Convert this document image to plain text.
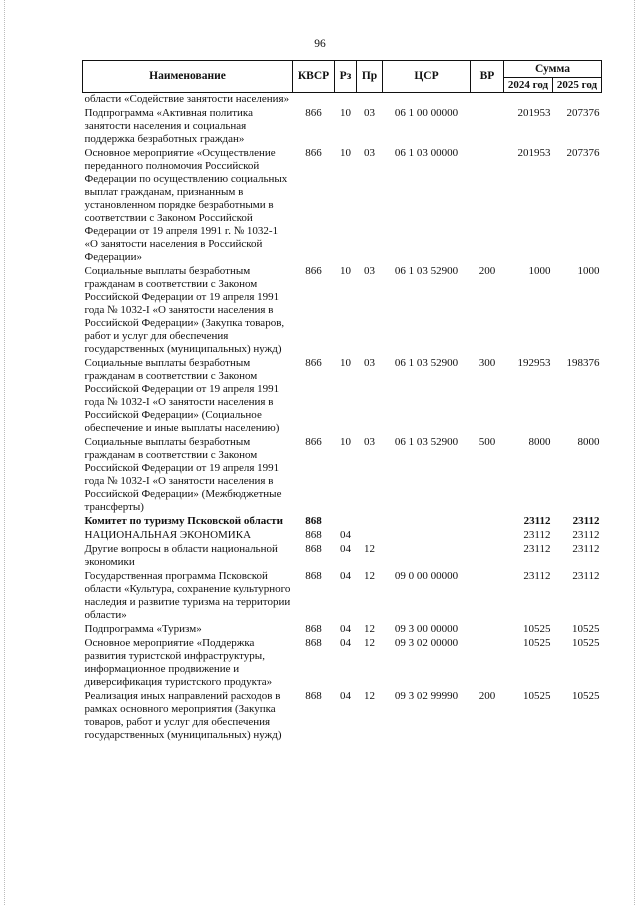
96
Наименование	КВСР	Рз	Пр	ЦСР	ВР	Сумма	
						2024 год	2025 год
области «Содействие занятости населения»							
Подпрограмма «Активная политика занятости населения и социальная поддержка безработных граждан»	866	10	03	06 1 00 00000		201953	207376
Основное мероприятие «Осуществление переданного полномочия Российской Федерации по осуществлению социальных выплат гражданам, признанным в установленном порядке безработными в соответствии с Законом Российской Федерации от 19 апреля 1991 г. № 1032-1 «О занятости населения в Российской Федерации»	866	10	03	06 1 03 00000		201953	207376
Социальные выплаты безработным гражданам в соответствии с Законом Российской Федерации от 19 апреля 1991 года № 1032-I «О занятости населения в Российской Федерации» (Закупка товаров, работ и услуг для обеспечения государственных (муниципальных) нужд)	866	10	03	06 1 03 52900	200	1000	1000
Социальные выплаты безработным гражданам в соответствии с Законом Российской Федерации от 19 апреля 1991 года № 1032-I «О занятости населения в Российской Федерации» (Социальное обеспечение и иные выплаты населению)	866	10	03	06 1 03 52900	300	192953	198376
Социальные выплаты безработным гражданам в соответствии с Законом Российской Федерации от 19 апреля 1991 года № 1032-I «О занятости населения в Российской Федерации» (Межбюджетные трансферты)	866	10	03	06 1 03 52900	500	8000	8000
Комитет по туризму Псковской области	868					23112	23112
НАЦИОНАЛЬНАЯ ЭКОНОМИКА	868	04				23112	23112
Другие вопросы в области национальной экономики	868	04	12			23112	23112
Государственная программа Псковской области «Культура, сохранение культурного наследия и развитие туризма на территории области»	868	04	12	09 0 00 00000		23112	23112
Подпрограмма «Туризм»	868	04	12	09 3 00 00000		10525	10525
Основное мероприятие «Поддержка развития туристской инфраструктуры, информационное продвижение и диверсификация туристского продукта»	868	04	12	09 3 02 00000		10525	10525
Реализация иных направлений расходов в рамках основного мероприятия (Закупка товаров, работ и услуг для обеспечения государственных (муниципальных) нужд)	868	04	12	09 3 02 99990	200	10525	10525
